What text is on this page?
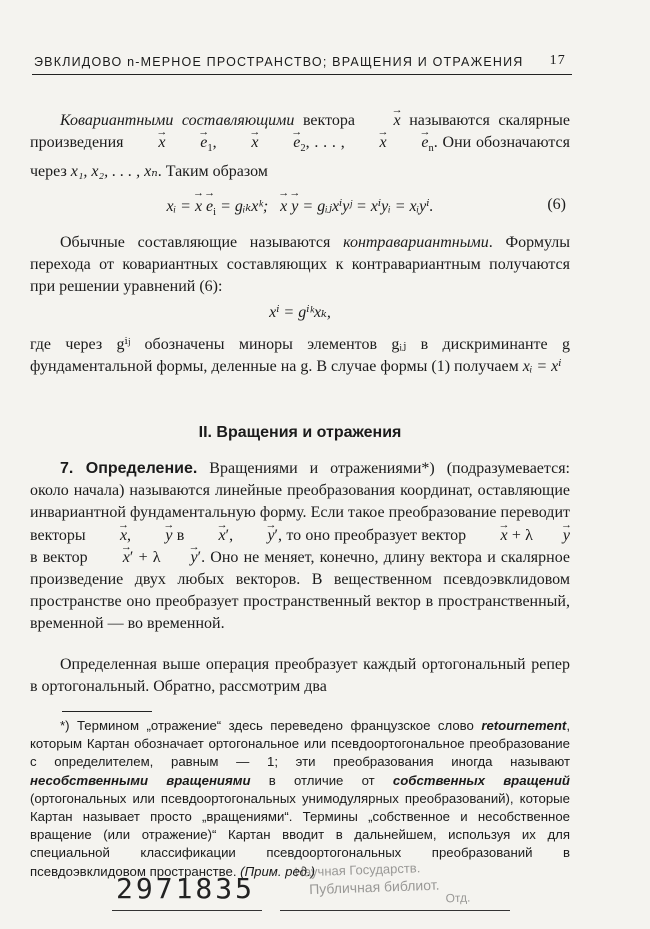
ЭВКЛИДОВО n-МЕРНОЕ ПРОСТРАНСТВО; ВРАЩЕНИЯ И ОТРАЖЕНИЯ 17

Ковариантными составляющими вектора → x называются скалярные произведения → $x \to e_1$, → $x \to e_2$, . . . , → $x \to e_n$. Они обозначаются через x₁, x₂, . . . , xₙ. Таким образом

xᵢ = → $x \to e_i$ = gᵢₖxᵏ; → x → y = gᵢⱼxⁱyʲ = xⁱyᵢ = xᵢyⁱ.	(6)

Обычные составляющие называются контравариантными. Формулы перехода от ковариантных составляющих к контравариантным получаются при решении уравнений (6):

xⁱ = gⁱᵏxₖ,

где через gⁱʲ обозначены миноры элементов gᵢⱼ в дискриминанте g фундаментальной формы, деленные на g. В случае формы (1) получаем xᵢ = xⁱ

II. Вращения и отражения

7. Определение. Вращениями и отражениями*) (подразумевается: около начала) называются линейные преобразования координат, оставляющие инвариантной фундаментальную форму. Если такое преобразование переводит векторы → x, → y в → x′, → y′, то оно преобразует вектор → x + λ → y в вектор → x′ + λ → y′. Оно не меняет, конечно, длину вектора и скалярное произведение двух любых векторов. В вещественном псевдоэвклидовом пространстве оно преобразует пространственный вектор в пространственный, временной — во временной.

Определенная выше операция преобразует каждый ортогональный репер в ортогональный. Обратно, рассмотрим два

*) Термином „отражение“ здесь переведено французское слово retournement, которым Картан обозначает ортогональное или псевдоортогональное преобразование с определителем, равным — 1; эти преобразования иногда называют несобственными вращениями в отличие от собственных вращений (ортогональных или псевдоортогональных унимодулярных преобразований), которые Картан называет просто „вращениями“. Термины „собственное и несобственное вращение (или отражение)“ Картан вводит в дальнейшем, используя их для специальной классификации псевдоортогональных преобразований в псевдоэвклидовом пространстве. (Прим. ред.)

2971835
Научная Государств.
Публичная библиот.
Отд.
